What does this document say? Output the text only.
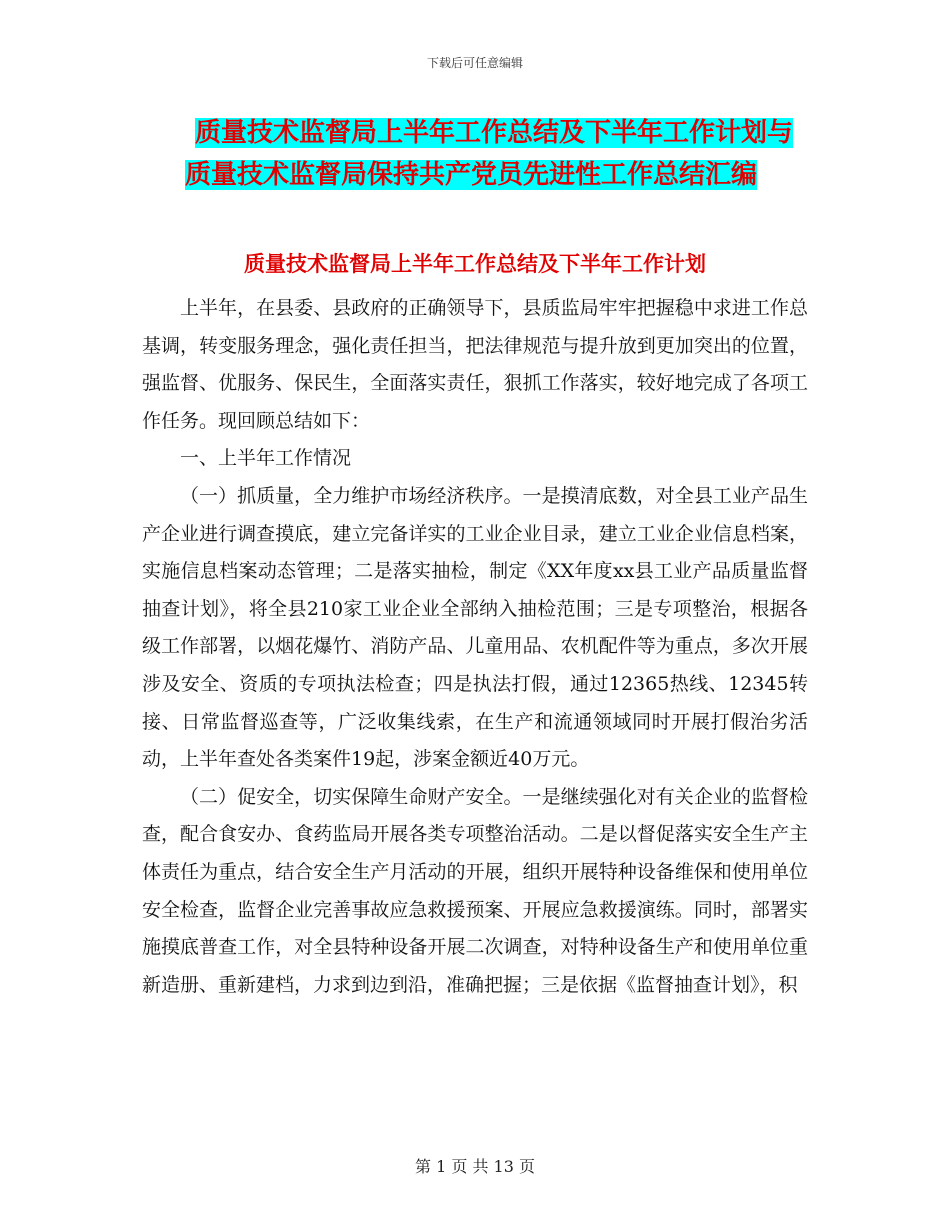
下载后可任意编辑
质量技术监督局上半年工作总结及下半年工作计划与
质量技术监督局保持共产党员先进性工作总结汇编
质量技术监督局上半年工作总结及下半年工作计划

上半年，在县委、县政府的正确领导下，县质监局牢牢把握稳中求进工作总基调，转变服务理念，强化责任担当，把法律规范与提升放到更加突出的位置，强监督、优服务、保民生，全面落实责任，狠抓工作落实，较好地完成了各项工作任务。现回顾总结如下：

一、上半年工作情况

（一）抓质量，全力维护市场经济秩序。一是摸清底数，对全县工业产品生产企业进行调查摸底，建立完备详实的工业企业目录，建立工业企业信息档案，实施信息档案动态管理；二是落实抽检，制定《XX年度xx县工业产品质量监督抽查计划》，将全县210家工业企业全部纳入抽检范围；三是专项整治，根据各级工作部署，以烟花爆竹、消防产品、儿童用品、农机配件等为重点，多次开展涉及安全、资质的专项执法检查；四是执法打假，通过12365热线、12345转接、日常监督巡查等，广泛收集线索，在生产和流通领域同时开展打假治劣活动，上半年查处各类案件19起，涉案金额近40万元。

（二）促安全，切实保障生命财产安全。一是继续强化对有关企业的监督检查，配合食安办、食药监局开展各类专项整治活动。二是以督促落实安全生产主体责任为重点，结合安全生产月活动的开展，组织开展特种设备维保和使用单位安全检查，监督企业完善事故应急救援预案、开展应急救援演练。同时，部署实施摸底普查工作，对全县特种设备开展二次调查，对特种设备生产和使用单位重新造册、重新建档，力求到边到沿，准确把握；三是依据《监督抽查计划》，积

第 1 页 共 13 页
